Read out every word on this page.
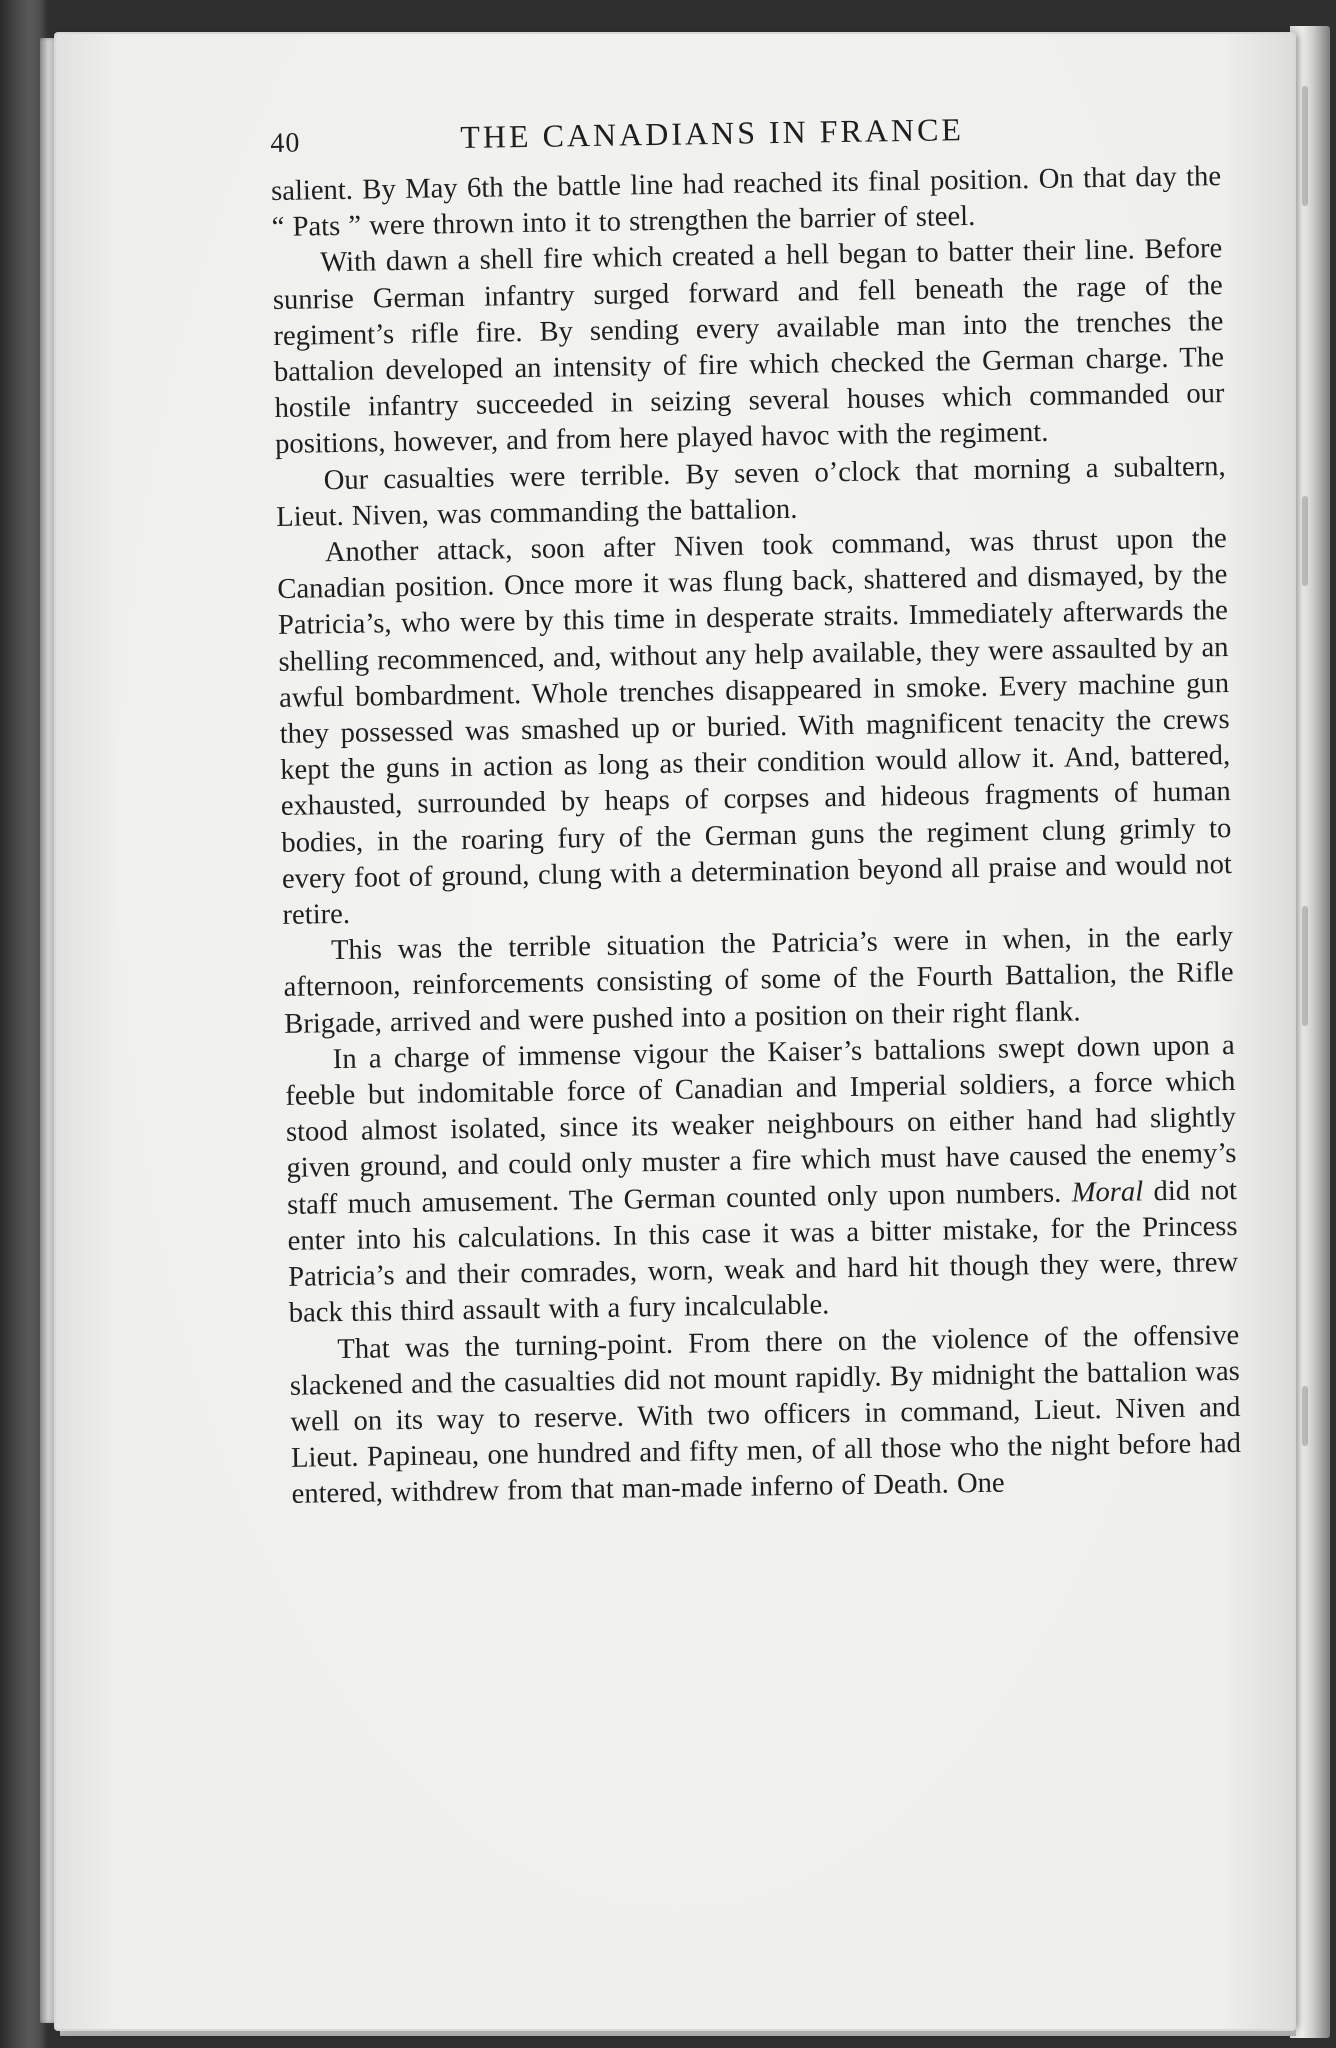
40	THE CANADIANS IN FRANCE

salient. By May 6th the battle line had reached its final position. On that day the “ Pats ” were thrown into it to strengthen the barrier of steel.

With dawn a shell fire which created a hell began to batter their line. Before sunrise German infantry surged forward and fell beneath the rage of the regiment’s rifle fire. By sending every available man into the trenches the battalion developed an intensity of fire which checked the German charge. The hostile infantry succeeded in seizing several houses which commanded our positions, however, and from here played havoc with the regiment.

Our casualties were terrible. By seven o’clock that morning a subaltern, Lieut. Niven, was commanding the battalion.

Another attack, soon after Niven took command, was thrust upon the Canadian position. Once more it was flung back, shattered and dismayed, by the Patricia’s, who were by this time in desperate straits. Immediately afterwards the shelling recommenced, and, without any help available, they were assaulted by an awful bombardment. Whole trenches disappeared in smoke. Every machine gun they possessed was smashed up or buried. With magnificent tenacity the crews kept the guns in action as long as their condition would allow it. And, battered, exhausted, surrounded by heaps of corpses and hideous fragments of human bodies, in the roaring fury of the German guns the regiment clung grimly to every foot of ground, clung with a determination beyond all praise and would not retire.

This was the terrible situation the Patricia’s were in when, in the early afternoon, reinforcements consisting of some of the Fourth Battalion, the Rifle Brigade, arrived and were pushed into a position on their right flank.

In a charge of immense vigour the Kaiser’s battalions swept down upon a feeble but indomitable force of Canadian and Imperial soldiers, a force which stood almost isolated, since its weaker neighbours on either hand had slightly given ground, and could only muster a fire which must have caused the enemy’s staff much amusement. The German counted only upon numbers. Moral did not enter into his calculations. In this case it was a bitter mistake, for the Princess Patricia’s and their comrades, worn, weak and hard hit though they were, threw back this third assault with a fury incalculable.

That was the turning-point. From there on the violence of the offensive slackened and the casualties did not mount rapidly. By midnight the battalion was well on its way to reserve. With two officers in command, Lieut. Niven and Lieut. Papineau, one hundred and fifty men, of all those who the night before had entered, withdrew from that man-made inferno of Death. One
